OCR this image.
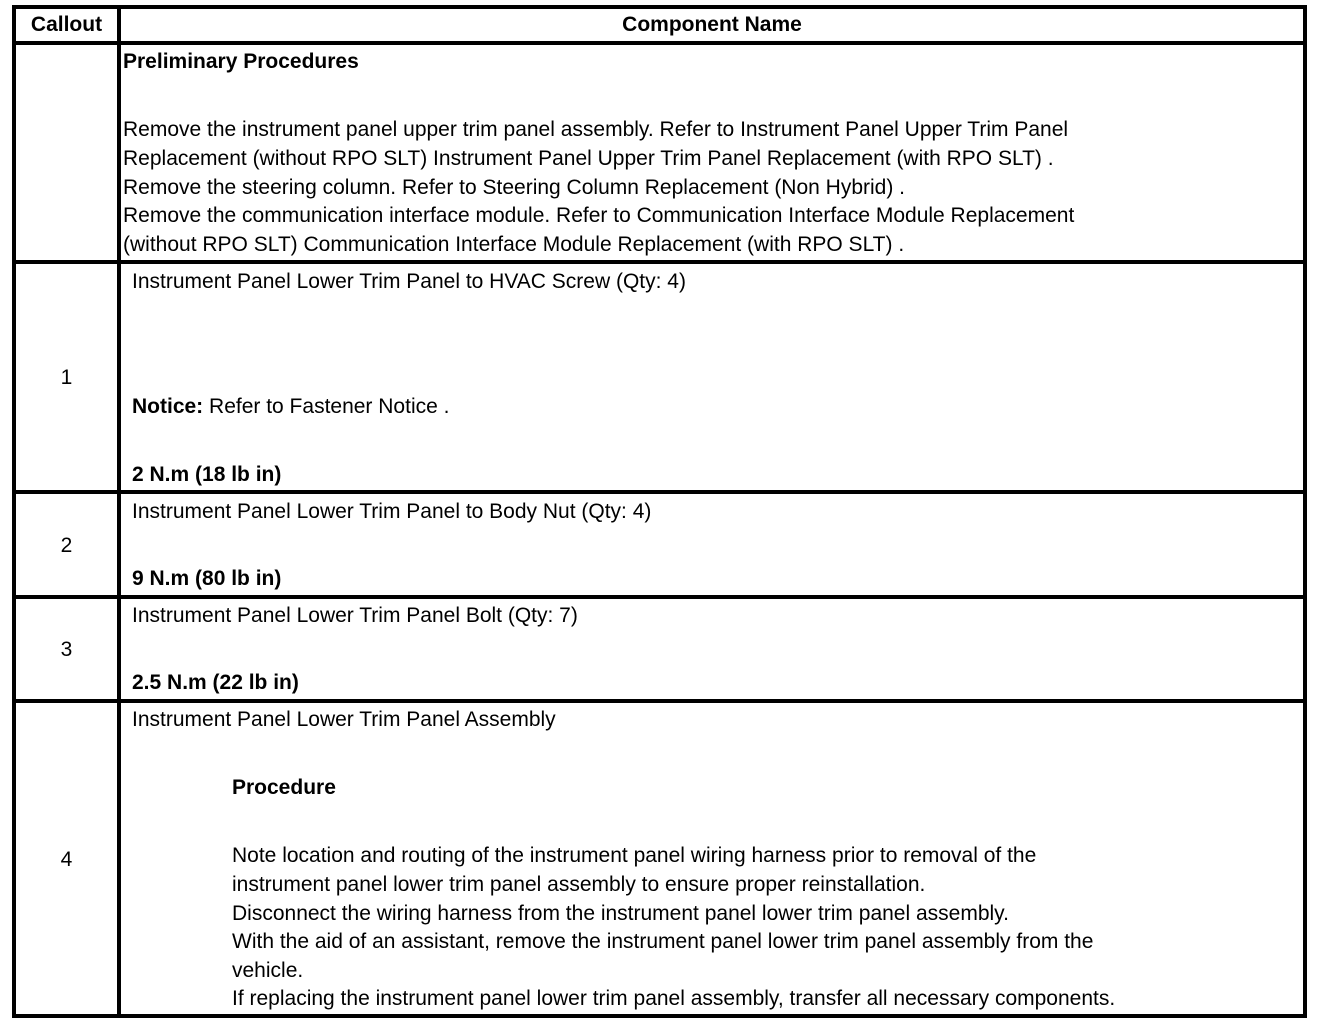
Callout	Component Name
Preliminary Procedures
Remove the instrument panel upper trim panel assembly. Refer to Instrument Panel Upper Trim Panel
Replacement (without RPO SLT) Instrument Panel Upper Trim Panel Replacement (with RPO SLT) .
Remove the steering column. Refer to Steering Column Replacement (Non Hybrid) .
Remove the communication interface module. Refer to Communication Interface Module Replacement
(without RPO SLT) Communication Interface Module Replacement (with RPO SLT) .
1
Instrument Panel Lower Trim Panel to HVAC Screw (Qty: 4)
Notice: Refer to Fastener Notice .
2 N.m (18 lb in)
2
Instrument Panel Lower Trim Panel to Body Nut (Qty: 4)
9 N.m (80 lb in)
3
Instrument Panel Lower Trim Panel Bolt (Qty: 7)
2.5 N.m (22 lb in)
4
Instrument Panel Lower Trim Panel Assembly
Procedure
Note location and routing of the instrument panel wiring harness prior to removal of the
instrument panel lower trim panel assembly to ensure proper reinstallation.
Disconnect the wiring harness from the instrument panel lower trim panel assembly.
With the aid of an assistant, remove the instrument panel lower trim panel assembly from the
vehicle.
If replacing the instrument panel lower trim panel assembly, transfer all necessary components.
